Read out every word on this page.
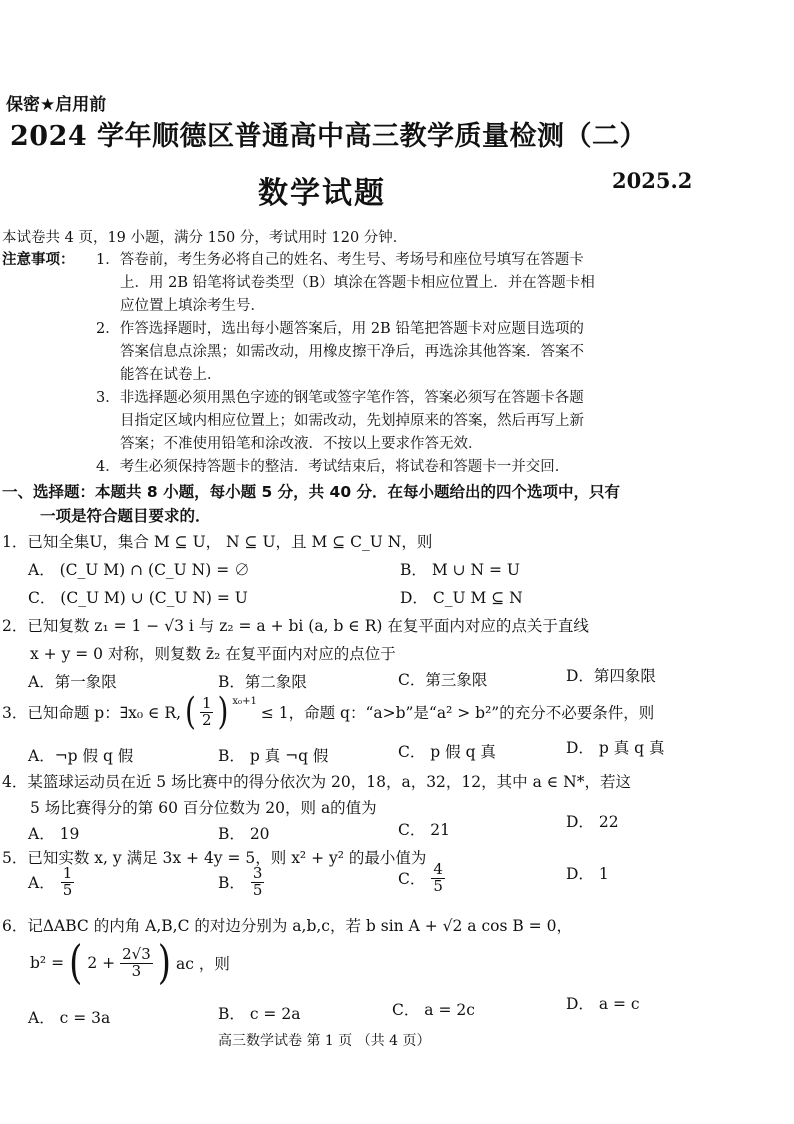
保密★启用前
2024 学年顺德区普通高中高三教学质量检测（二）
数学试题	2025.2
本试卷共 4 页，19 小题，满分 150 分，考试用时 120 分钟．
注意事项： 1．答卷前，考生务必将自己的姓名、考生号、考场号和座位号填写在答题卡
上．用 2B 铅笔将试卷类型（B）填涂在答题卡相应位置上．并在答题卡相
应位置上填涂考生号．
2．作答选择题时，选出每小题答案后，用 2B 铅笔把答题卡对应题目选项的
答案信息点涂黑；如需改动，用橡皮擦干净后，再选涂其他答案．答案不
能答在试卷上．
3．非选择题必须用黑色字迹的钢笔或签字笔作答，答案必须写在答题卡各题
目指定区域内相应位置上；如需改动，先划掉原来的答案，然后再写上新
答案；不准使用铅笔和涂改液．不按以上要求作答无效．
4．考生必须保持答题卡的整洁．考试结束后，将试卷和答题卡一并交回．
一、选择题：本题共 8 小题，每小题 5 分，共 40 分．在每小题给出的四个选项中，只有
一项是符合题目要求的．
1．已知全集U，集合 M ⊆ U， N ⊆ U，且 M ⊆ C_U N，则
A． (C_U M) ∩ (C_U N) = ∅	B． M ∪ N = U
C． (C_U M) ∪ (C_U N) = U	D． C_U M ⊆ N
2．已知复数 z₁ = 1 − √3 i 与 z₂ = a + bi (a, b ∈ R) 在复平面内对应的点关于直线
x + y = 0 对称，则复数 z̄₂ 在复平面内对应的点位于
A．第一象限	B．第二象限	C．第三象限	D．第四象限
3．已知命题 p：∃x₀ ∈ R, ( $\frac{1}{2}$ ) $^{x_0+1}$
≤ 1，命题 q：“a>b”是“a² > b²”的充分不必要条件，则
A．¬p 假 q 假	B． p 真 ¬q 假	C． p 假 q 真	D． p 真 q 真
4．某篮球运动员在近 5 场比赛中的得分依次为 20，18，a，32，12，其中 a ∈ N*，若这
5 场比赛得分的第 60 百分位数为 20，则 a的值为
A． 19	B． 20	C． 21	D． 22
5．已知实数 x, y 满足 3x + 4y = 5，则 x² + y² 的最小值为
A． $\frac{1}{5}$	B． $\frac{3}{5}$	C． $\frac{4}{5}$	D． 1
6．记ΔABC 的内角 A,B,C 的对边分别为 a,b,c，若 b sin A + √2 a cos B = 0，
b² = ( $2 + \frac{2√3}{3}$ ) ac ，则
A． c = 3a	B． c = 2a	C． a = 2c	D． a = c
高三数学试卷 第 1 页 （共 4 页）
